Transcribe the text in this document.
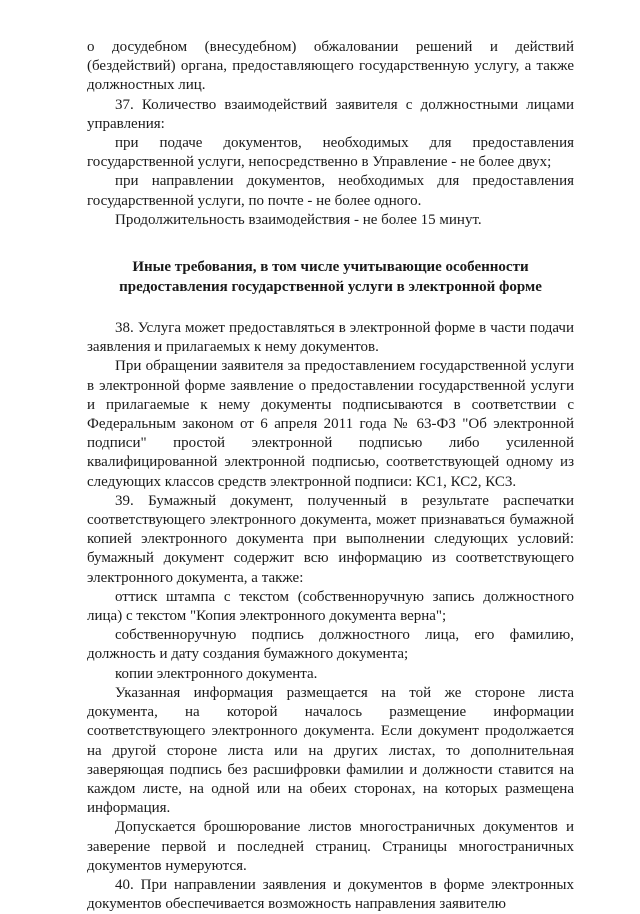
о досудебном (внесудебном) обжаловании решений и действий (бездействий) органа, предоставляющего государственную услугу, а также должностных лиц.

37. Количество взаимодействий заявителя с должностными лицами управления:

при подаче документов, необходимых для предоставления государственной услуги, непосредственно в Управление - не более двух;

при направлении документов, необходимых для предоставления государственной услуги, по почте - не более одного.

Продолжительность взаимодействия - не более 15 минут.

Иные требования, в том числе учитывающие особенности
предоставления государственной услуги в электронной форме

38. Услуга может предоставляться в электронной форме в части подачи заявления и прилагаемых к нему документов.

При обращении заявителя за предоставлением государственной услуги в электронной форме заявление о предоставлении государственной услуги и прилагаемые к нему документы подписываются в соответствии с Федеральным законом от 6 апреля 2011 года № 63-ФЗ "Об электронной подписи" простой электронной подписью либо усиленной квалифицированной электронной подписью, соответствующей одному из следующих классов средств электронной подписи: КС1, КС2, КС3.

39. Бумажный документ, полученный в результате распечатки соответствующего электронного документа, может признаваться бумажной копией электронного документа при выполнении следующих условий: бумажный документ содержит всю информацию из соответствующего электронного документа, а также:

оттиск штампа с текстом (собственноручную запись должностного лица) с текстом "Копия электронного документа верна";

собственноручную подпись должностного лица, его фамилию, должность и дату создания бумажного документа;

копии электронного документа.

Указанная информация размещается на той же стороне листа документа, на которой началось размещение информации соответствующего электронного документа. Если документ продолжается на другой стороне листа или на других листах, то дополнительная заверяющая подпись без расшифровки фамилии и должности ставится на каждом листе, на одной или на обеих сторонах, на которых размещена информация.

Допускается брошюрование листов многостраничных документов и заверение первой и последней страниц. Страницы многостраничных документов нумеруются.

40. При направлении заявления и документов в форме электронных документов обеспечивается возможность направления заявителю
